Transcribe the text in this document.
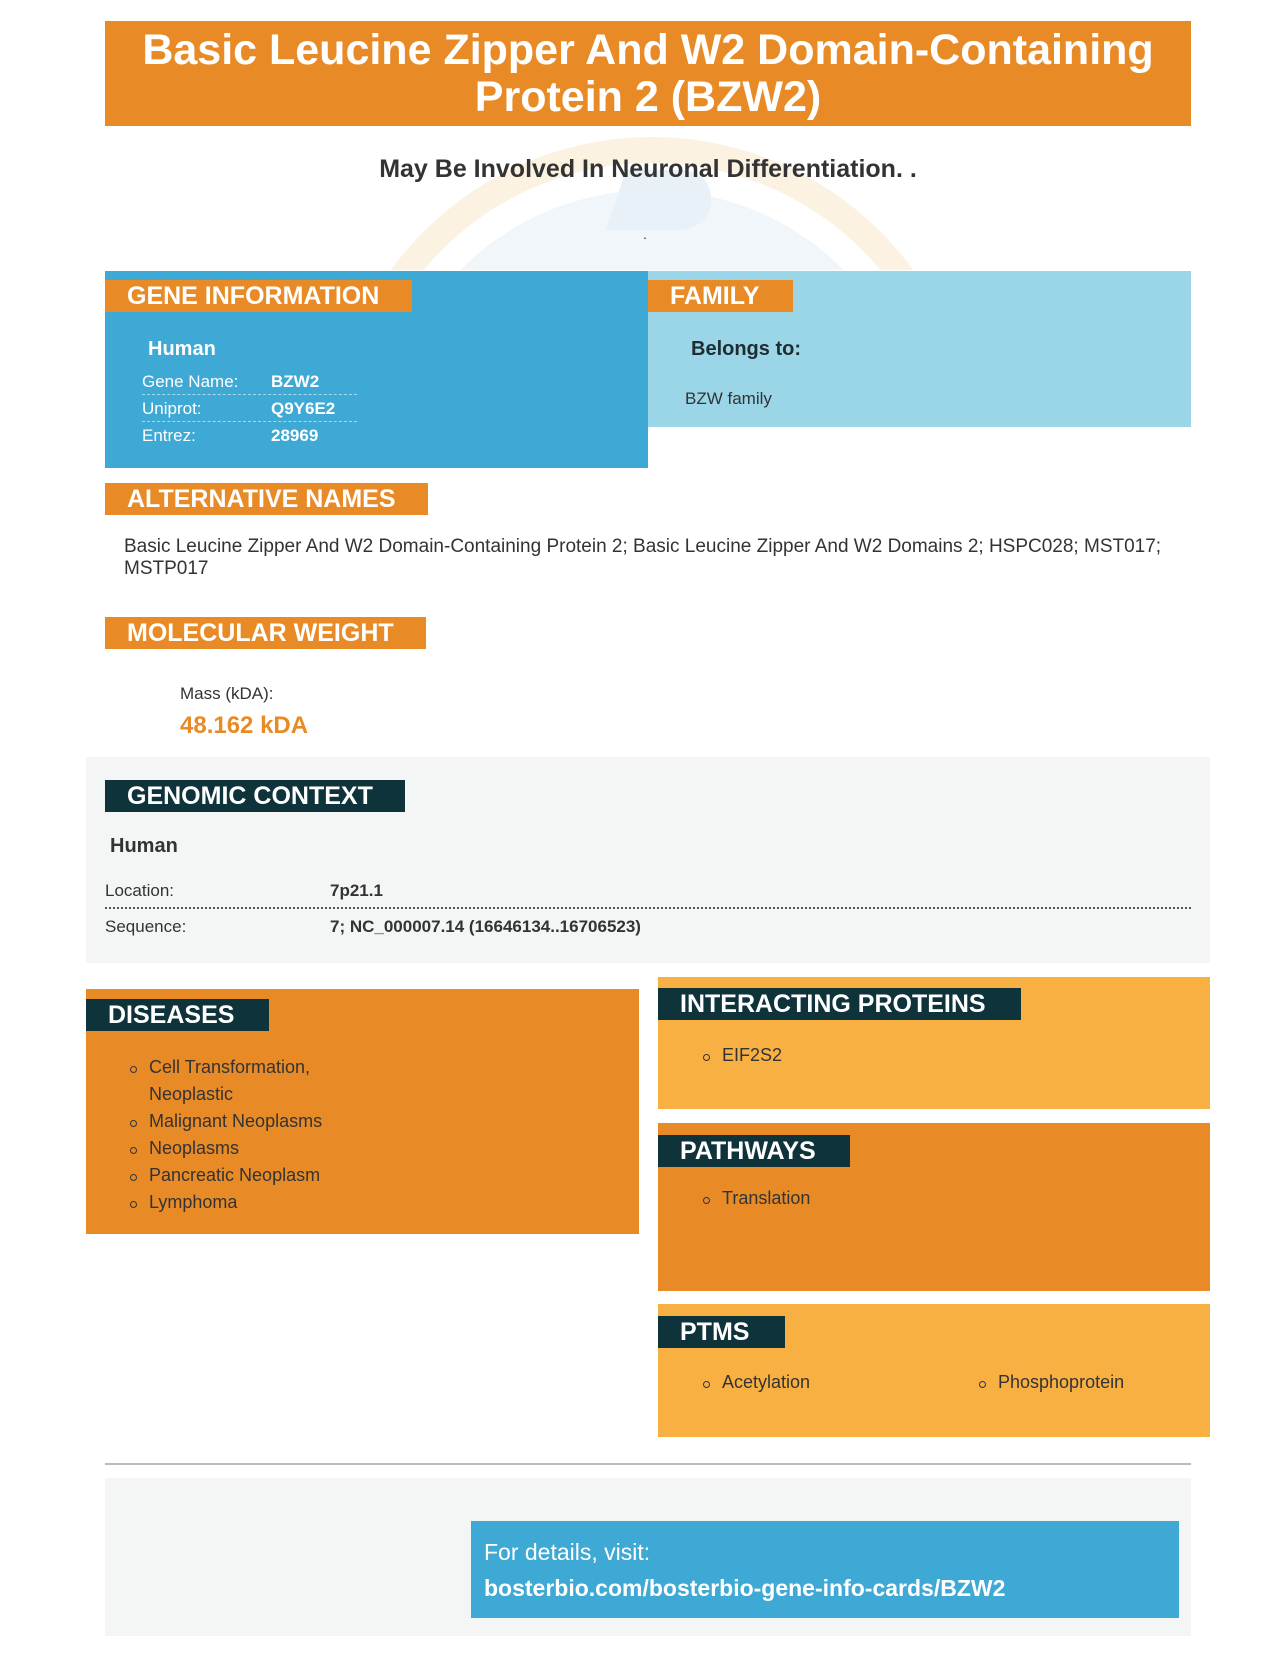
Basic Leucine Zipper And W2 Domain-Containing Protein 2 (BZW2)
May Be Involved In Neuronal Differentiation. .
.
GENE INFORMATION
Human
Gene Name:	BZW2
Uniprot:	Q9Y6E2
Entrez:	28969
FAMILY
Belongs to:
BZW family
ALTERNATIVE NAMES
Basic Leucine Zipper And W2 Domain-Containing Protein 2; Basic Leucine Zipper And W2 Domains 2; HSPC028; MST017; MSTP017
MOLECULAR WEIGHT
Mass (kDA):
48.162 kDA
GENOMIC CONTEXT
Human
Location:	7p21.1
Sequence:	7; NC_000007.14 (16646134..16706523)
DISEASES
Cell Transformation, Neoplastic
Malignant Neoplasms
Neoplasms
Pancreatic Neoplasm
Lymphoma
INTERACTING PROTEINS
EIF2S2
PATHWAYS
Translation
PTMS
Acetylation	Phosphoprotein
For details, visit:
bosterbio.com/bosterbio-gene-info-cards/BZW2
